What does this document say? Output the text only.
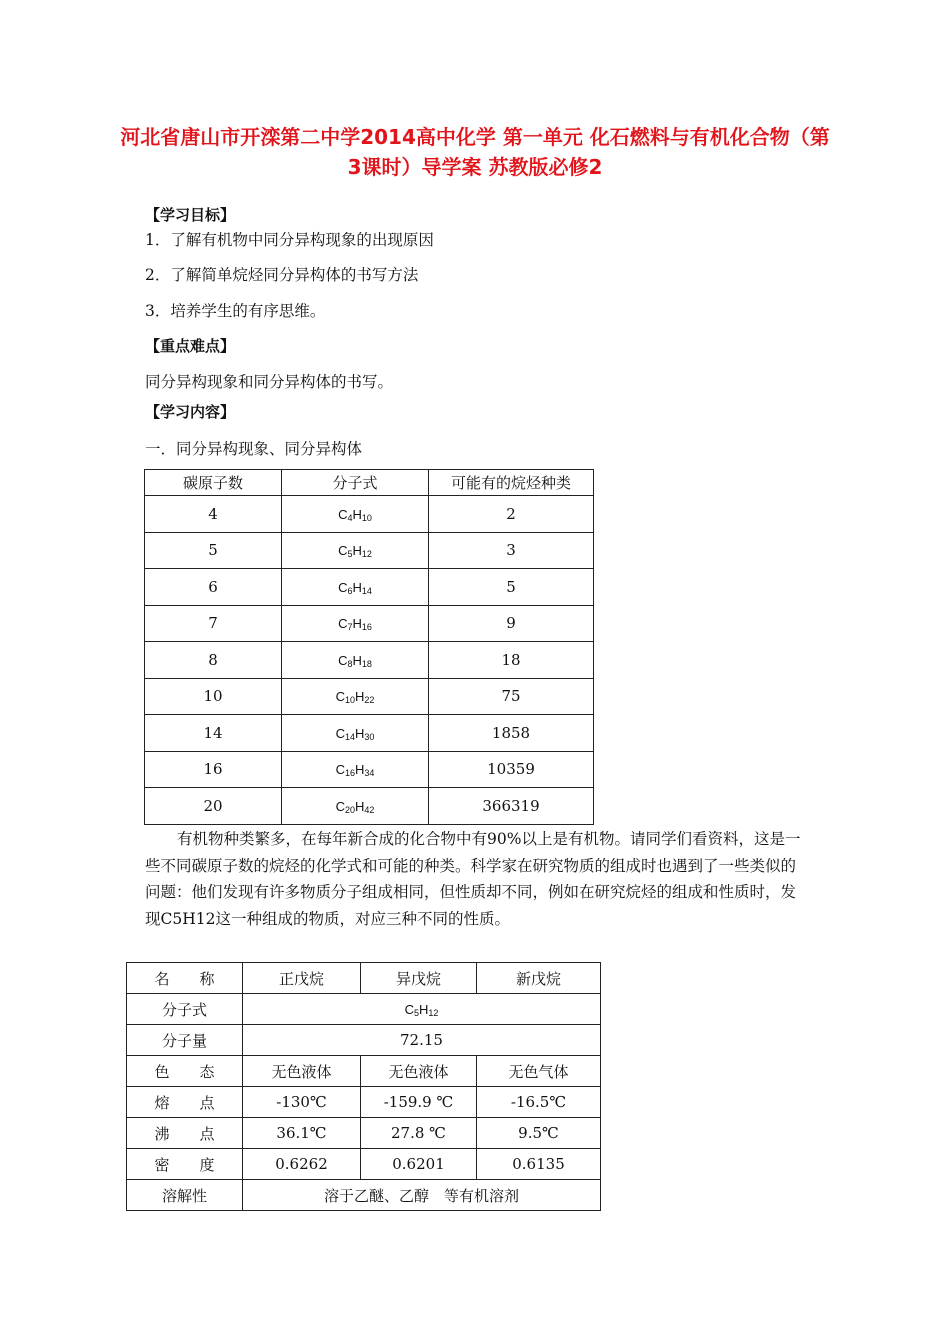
河北省唐山市开滦第二中学2014高中化学 第一单元 化石燃料与有机化合物（第3课时）导学案 苏教版必修2

【学习目标】

1．了解有机物中同分异构现象的出现原因

2．了解简单烷烃同分异构体的书写方法

3．培养学生的有序思维。

【重点难点】

同分异构现象和同分异构体的书写。

【学习内容】

一．同分异构现象、同分异构体

碳原子数	分子式	可能有的烷烃种类
4	$C_4H_{10}$	2
5	$C_5H_{12}$	3
6	$C_6H_{14}$	5
7	$C_7H_{16}$	9
8	$C_8H_{18}$	18
10	$C_{10}H_{22}$	75
14	$C_{14}H_{30}$	1858
16	$C_{16}H_{34}$	10359
20	$C_{20}H_{42}$	366319

有机物种类繁多，在每年新合成的化合物中有90%以上是有机物。请同学们看资料，这是一些不同碳原子数的烷烃的化学式和可能的种类。科学家在研究物质的组成时也遇到了一些类似的问题：他们发现有许多物质分子组成相同，但性质却不同，例如在研究烷烃的组成和性质时，发现C5H12这一种组成的物质，对应三种不同的性质。

名　　称	正戊烷	异戊烷	新戊烷
分子式	$C_5H_{12}$
分子量	72.15		
色　　态	无色液体	无色液体	无色气体
熔　　点	-130℃	-159.9 ℃	-16.5℃
沸　　点	36.1℃	27.8 ℃	9.5℃
密　　度	0.6262	0.6201	0.6135
溶解性	溶于乙醚、乙醇　等有机溶剂		
